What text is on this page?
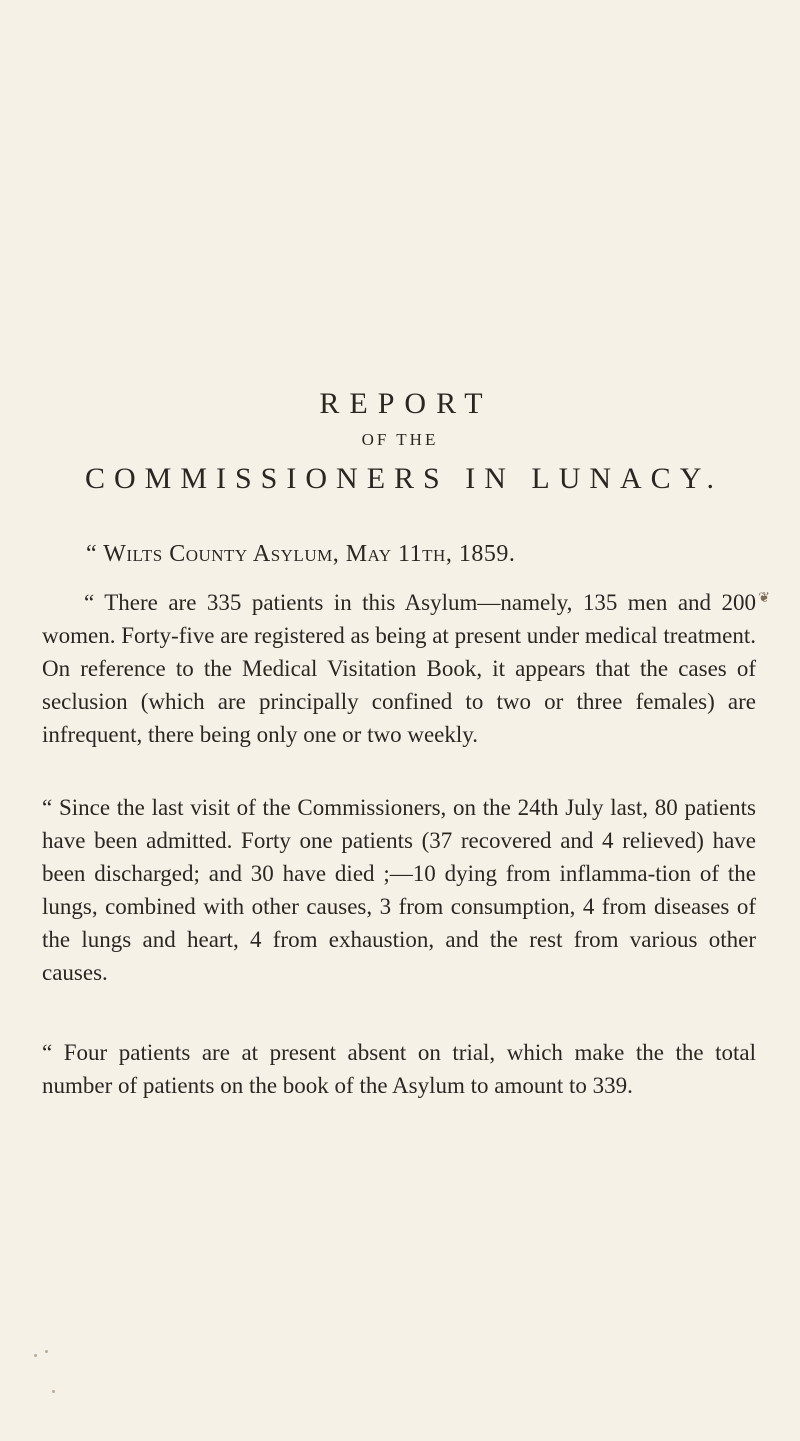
REPORT
OF THE
COMMISSIONERS IN LUNACY.
“ Wilts County Asylum, May 11th, 1859.
“ There are 335 patients in this Asylum—namely, 135 men and 200 women. Forty-five are registered as being at present under medical treatment. On reference to the Medical Visitation Book, it appears that the cases of seclusion (which are principally confined to two or three females) are infrequent, there being only one or two weekly.
“ Since the last visit of the Commissioners, on the 24th July last, 80 patients have been admitted. Forty one patients (37 recovered and 4 relieved) have been discharged; and 30 have died ;—10 dying from inflamma-tion of the lungs, combined with other causes, 3 from consumption, 4 from diseases of the lungs and heart, 4 from exhaustion, and the rest from various other causes.
“ Four patients are at present absent on trial, which make the the total number of patients on the book of the Asylum to amount to 339.
❦
